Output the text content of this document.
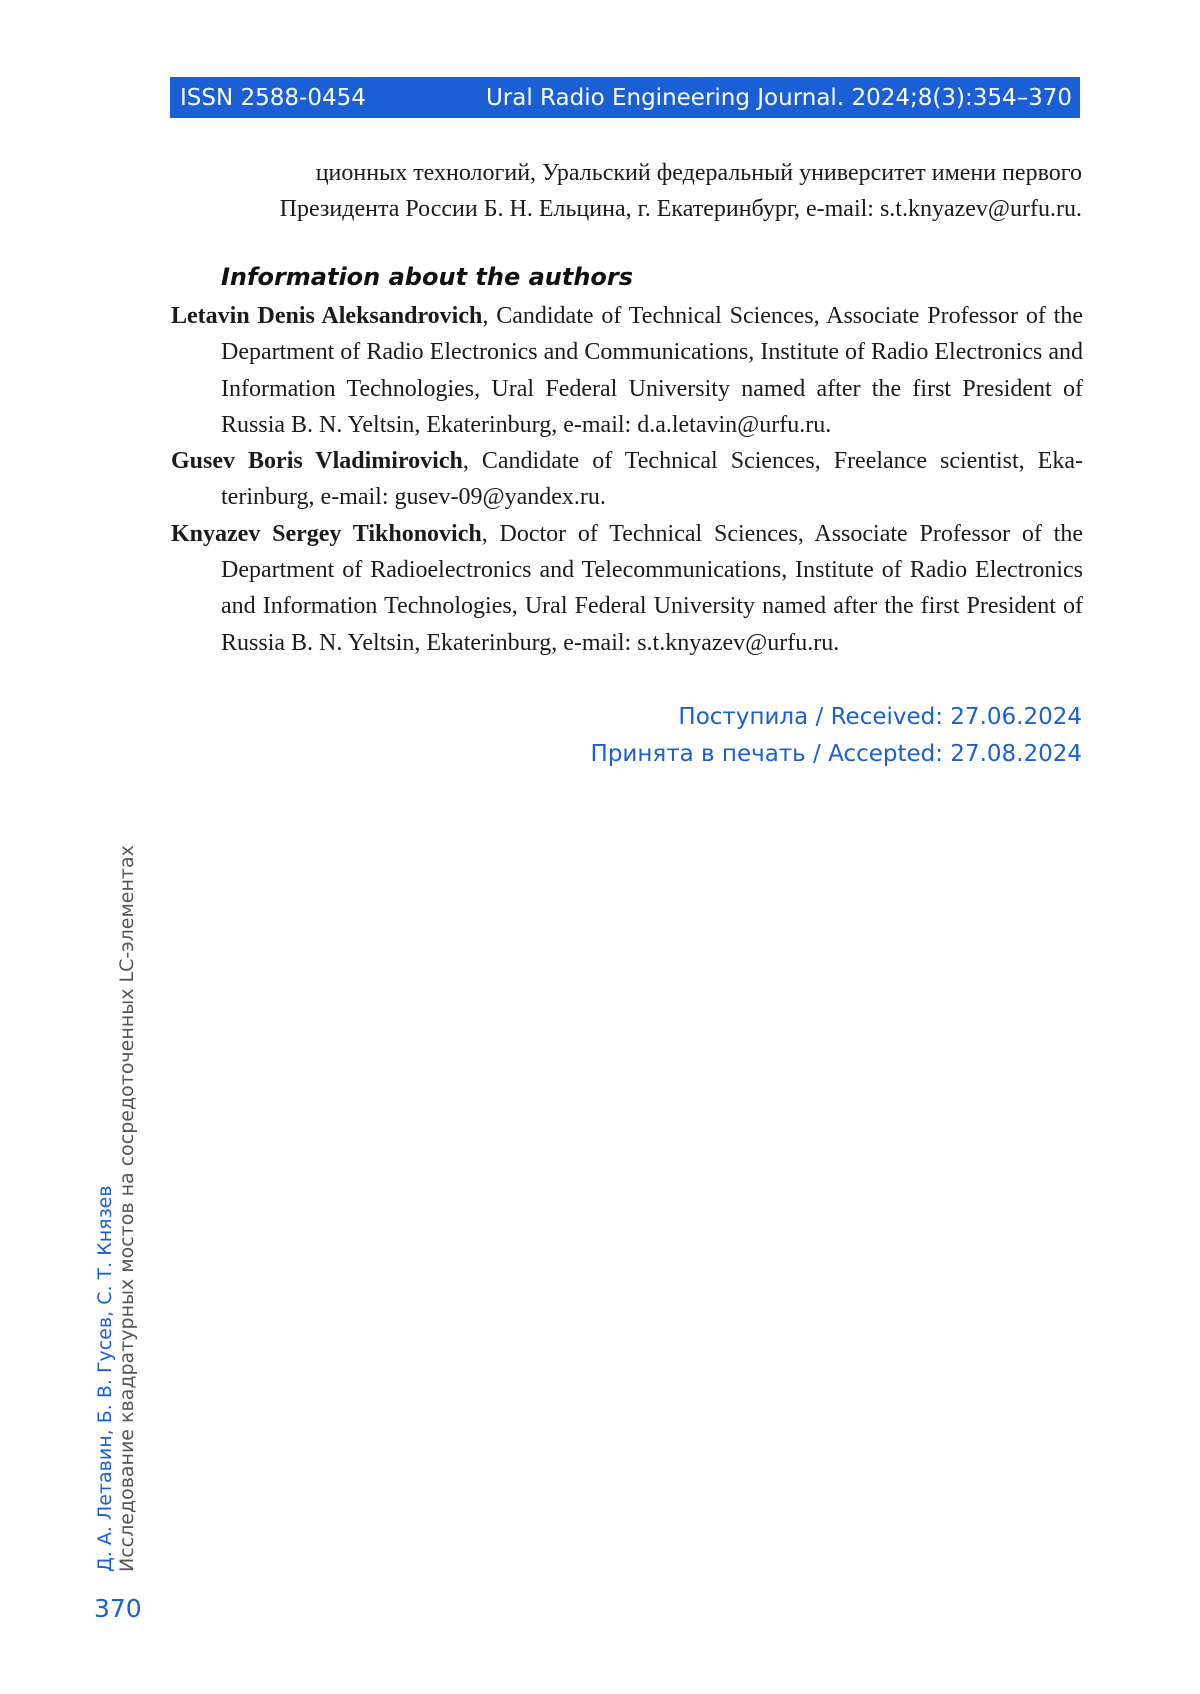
ISSN 2588-0454	Ural Radio Engineering Journal. 2024;8(3):354–370

ционных технологий, Уральский федеральный университет имени первого

Президента России Б. Н. Ельцина, г. Екатеринбург, e-mail: s.t.knyazev@urfu.ru.

Information about the authors

Letavin Denis Aleksandrovich, Candidate of Technical Sciences, Associate Professor of the Department of Radio Electronics and Communications, Institute of Radio Electronics and Information Technologies, Ural Federal University named after the first President of Russia B. N. Yeltsin, Ekaterinburg, e-mail: d.a.letavin@urfu.ru.

Gusev Boris Vladimirovich, Candidate of Technical Sciences, Freelance scientist, Ekaterinburg, e-mail: gusev-09@yandex.ru.

Knyazev Sergey Tikhonovich, Doctor of Technical Sciences, Associate Professor of the Department of Radioelectronics and Telecommunications, Institute of Radio Electronics and Information Technologies, Ural Federal University named after the first President of Russia B. N. Yeltsin, Ekaterinburg, e-mail: s.t.knyazev@urfu.ru.

Поступила / Received: 27.06.2024
Принята в печать / Accepted: 27.08.2024
Д. А. Летавин, Б. В. Гусев, С. Т. Князев Исследование квадратурных мостов на сосредоточенных LC-элементах
370
